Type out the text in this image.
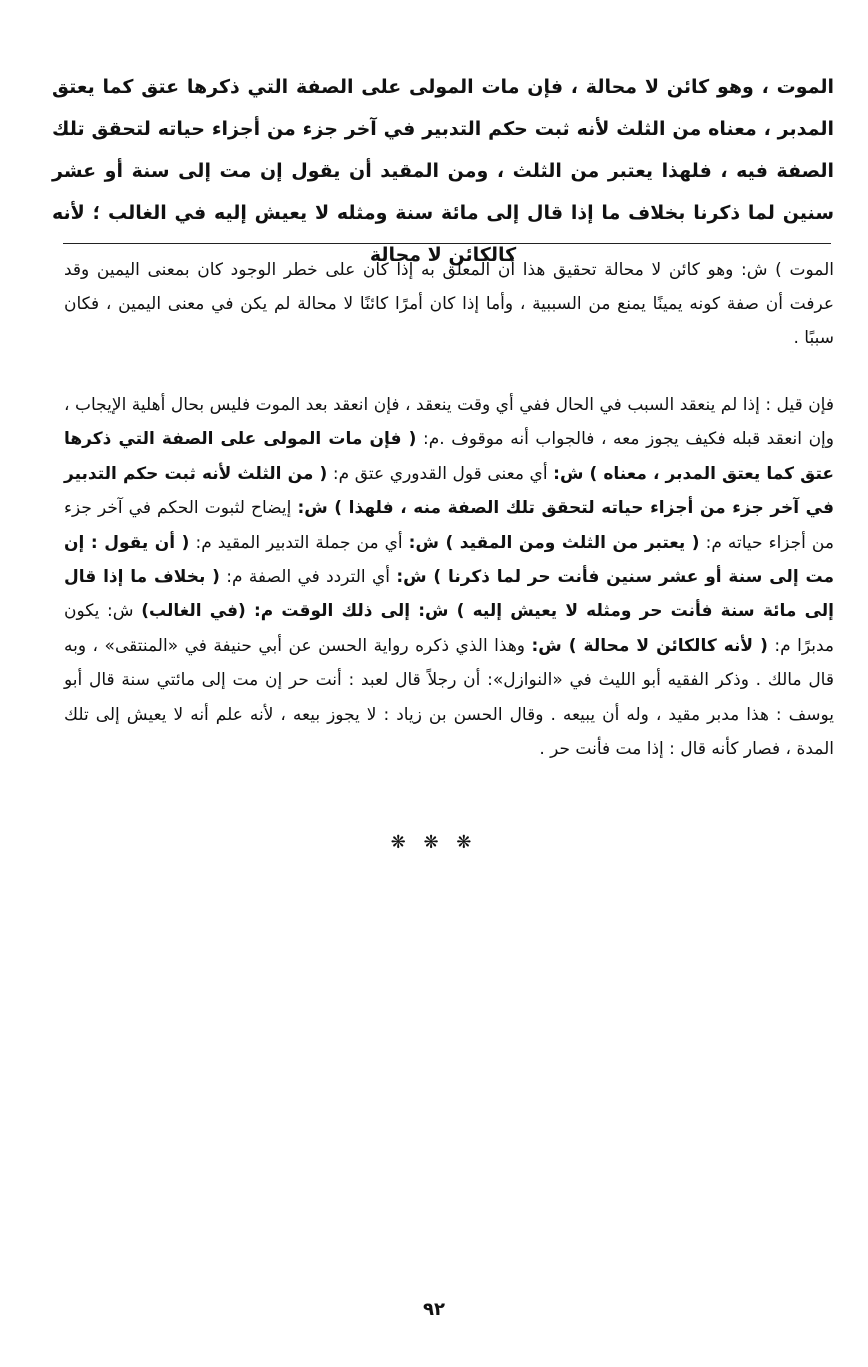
الموت ، وهو كائن لا محالة ، فإن مات المولى على الصفة التي ذكرها عتق كما يعتق المدبر ، معناه من الثلث لأنه ثبت حكم التدبير في آخر جزء من أجزاء حياته لتحقق تلك الصفة فيه ، فلهذا يعتبر من الثلث ، ومن المقيد أن يقول إن مت إلى سنة أو عشر سنين لما ذكرنا بخلاف ما إذا قال إلى مائة سنة ومثله لا يعيش إليه في الغالب ؛ لأنه كالكائن لا محالة

الموت ) ش: وهو كائن لا محالة تحقيق هذا أن المعلق به إذا كان على خطر الوجود كان بمعنى اليمين وقد عرفت أن صفة كونه يمينًا يمنع من السببية ، وأما إذا كان أمرًا كائنًا لا محالة لم يكن في معنى اليمين ، فكان سببًا .

فإن قيل : إذا لم ينعقد السبب في الحال ففي أي وقت ينعقد ، فإن انعقد بعد الموت فليس بحال أهلية الإيجاب ، وإن انعقد قبله فكيف يجوز معه ، فالجواب أنه موقوف .م: ( فإن مات المولى على الصفة التي ذكرها عتق كما يعتق المدبر ، معناه ) ش: أي معنى قول القدوري عتق م: ( من الثلث لأنه ثبت حكم التدبير في آخر جزء من أجزاء حياته لتحقق تلك الصفة منه ، فلهذا ) ش: إيضاح لثبوت الحكم في آخر جزء من أجزاء حياته م: ( يعتبر من الثلث ومن المقيد ) ش: أي من جملة التدبير المقيد م: ( أن يقول : إن مت إلى سنة أو عشر سنين فأنت حر لما ذكرنا ) ش: أي التردد في الصفة م: ( بخلاف ما إذا قال إلى مائة سنة فأنت حر ومثله لا يعيش إليه ) ش: إلى ذلك الوقت م: (في الغالب) ش: يكون مدبرًا م: ( لأنه كالكائن لا محالة ) ش: وهذا الذي ذكره رواية الحسن عن أبي حنيفة في «المنتقى» ، وبه قال مالك . وذكر الفقيه أبو الليث في «النوازل»: أن رجلاً قال لعبد : أنت حر إن مت إلى مائتي سنة قال أبو يوسف : هذا مدبر مقيد ، وله أن يبيعه . وقال الحسن بن زياد : لا يجوز بيعه ، لأنه علم أنه لا يعيش إلى تلك المدة ، فصار كأنه قال : إذا مت فأنت حر .

❋ ❋ ❋
٩٢
